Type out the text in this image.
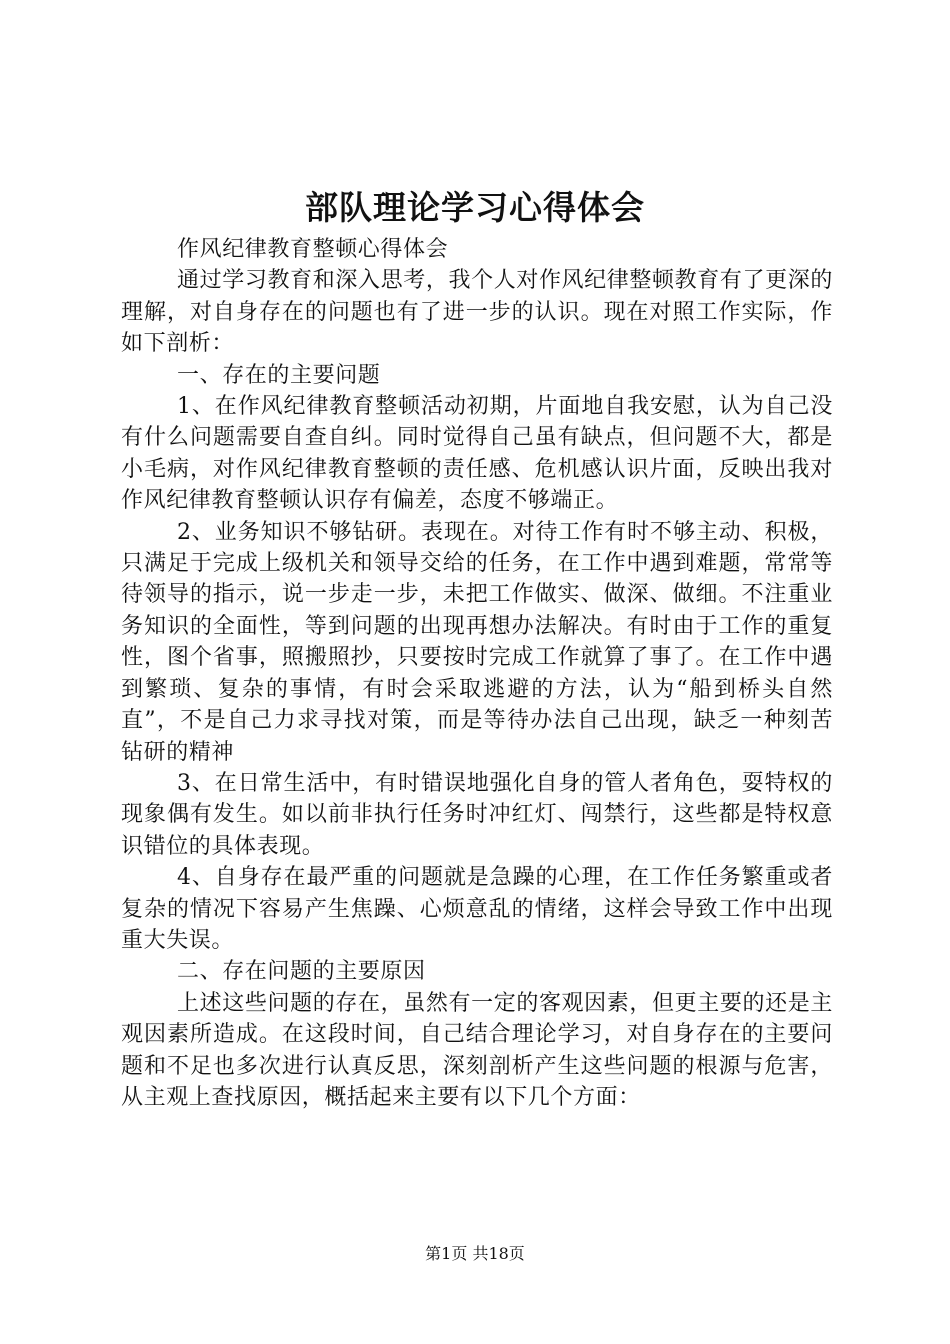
部队理论学习心得体会

作风纪律教育整顿心得体会

通过学习教育和深入思考，我个人对作风纪律整顿教育有了更深的理解，对自身存在的问题也有了进一步的认识。现在对照工作实际，作如下剖析：

一、存在的主要问题

1、在作风纪律教育整顿活动初期，片面地自我安慰，认为自己没有什么问题需要自查自纠。同时觉得自己虽有缺点，但问题不大，都是小毛病，对作风纪律教育整顿的责任感、危机感认识片面，反映出我对作风纪律教育整顿认识存有偏差，态度不够端正。

2、业务知识不够钻研。表现在。对待工作有时不够主动、积极，只满足于完成上级机关和领导交给的任务，在工作中遇到难题，常常等待领导的指示，说一步走一步，未把工作做实、做深、做细。不注重业务知识的全面性，等到问题的出现再想办法解决。有时由于工作的重复性，图个省事，照搬照抄，只要按时完成工作就算了事了。在工作中遇到繁琐、复杂的事情，有时会采取逃避的方法，认为“船到桥头自然直”，不是自己力求寻找对策，而是等待办法自己出现，缺乏一种刻苦钻研的精神

3、在日常生活中，有时错误地强化自身的管人者角色，耍特权的现象偶有发生。如以前非执行任务时冲红灯、闯禁行，这些都是特权意识错位的具体表现。

4、自身存在最严重的问题就是急躁的心理，在工作任务繁重或者复杂的情况下容易产生焦躁、心烦意乱的情绪，这样会导致工作中出现重大失误。

二、存在问题的主要原因

上述这些问题的存在，虽然有一定的客观因素，但更主要的还是主观因素所造成。在这段时间，自己结合理论学习，对自身存在的主要问题和不足也多次进行认真反思，深刻剖析产生这些问题的根源与危害，从主观上查找原因，概括起来主要有以下几个方面：

第1页 共18页
